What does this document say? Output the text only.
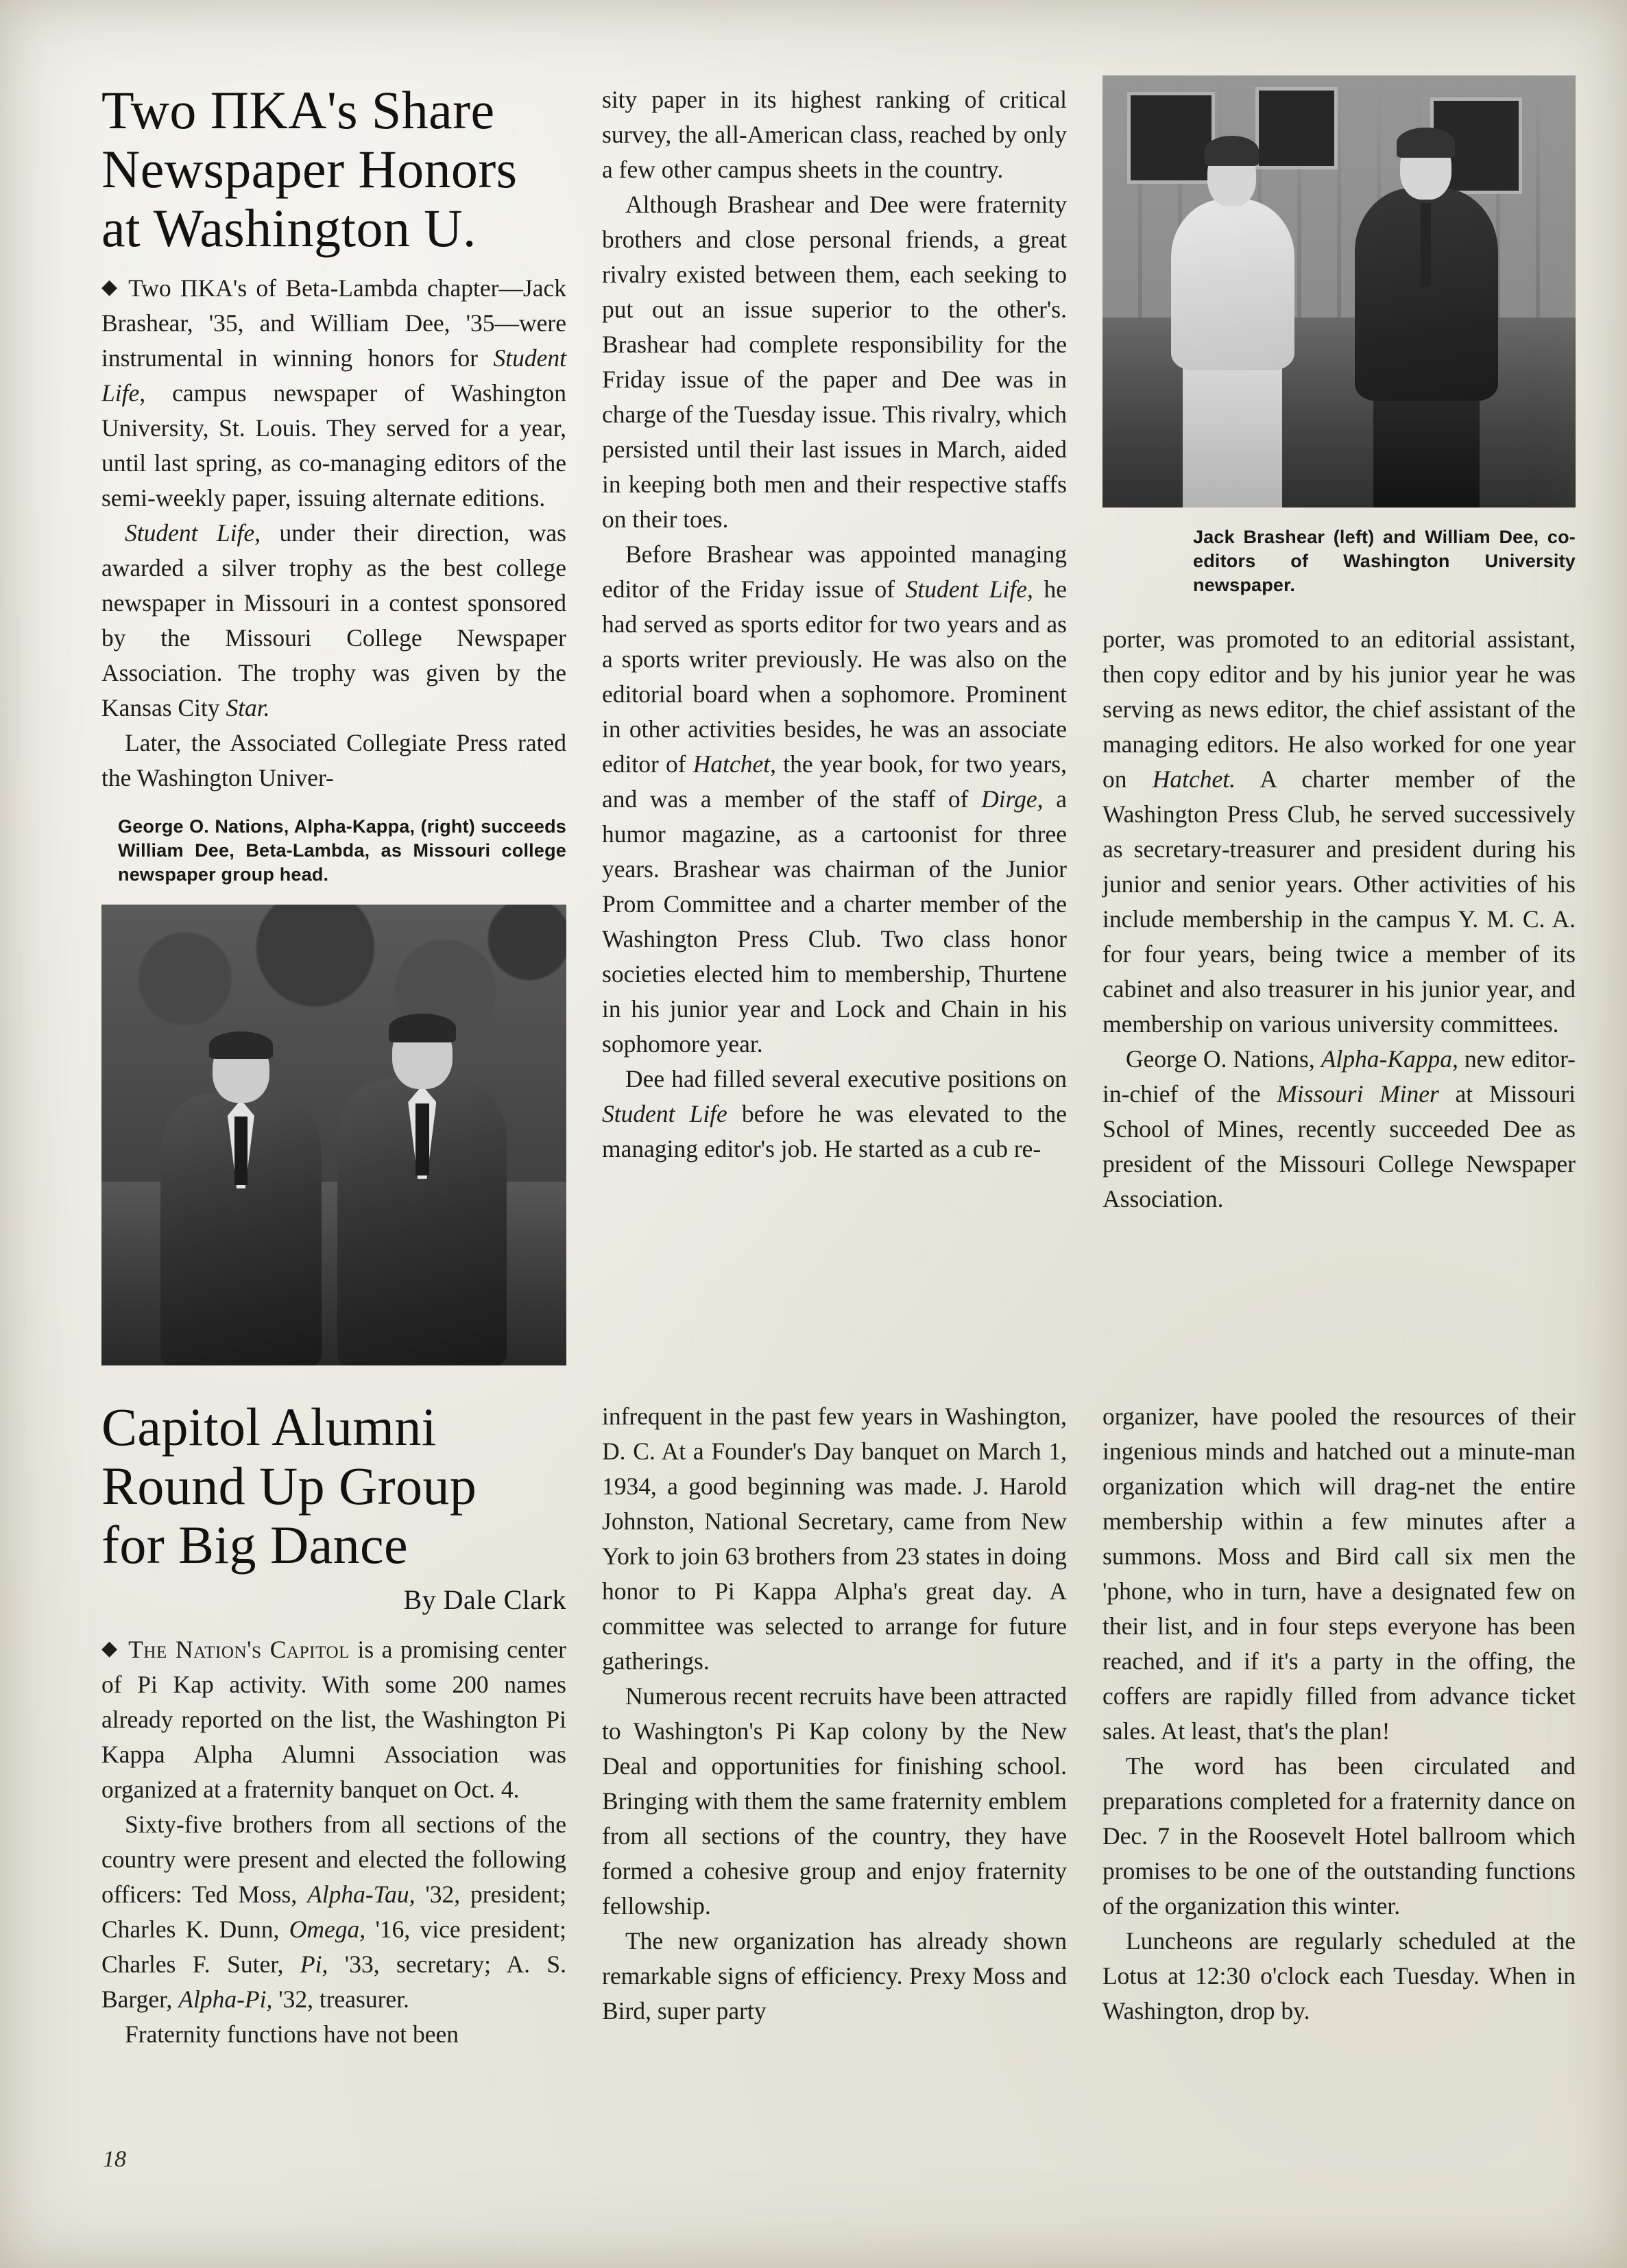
Two ΠKA's Share
Newspaper Honors
at Washington U.

◆ Two ΠKA's of Beta-Lambda chapter—Jack Brashear, '35, and William Dee, '35—were instrumental in winning honors for Student Life, campus newspaper of Washington University, St. Louis. They served for a year, until last spring, as co-managing editors of the semi-weekly paper, issuing alternate editions.

Student Life, under their direction, was awarded a silver trophy as the best college newspaper in Missouri in a contest sponsored by the Missouri College Newspaper Association. The trophy was given by the Kansas City Star.

Later, the Associated Collegiate Press rated the Washington Univer-

George O. Nations, Alpha-Kappa, (right) succeeds William Dee, Beta-Lambda, as Missouri college newspaper group head.

sity paper in its highest ranking of critical survey, the all-American class, reached by only a few other campus sheets in the country.

Although Brashear and Dee were fraternity brothers and close personal friends, a great rivalry existed between them, each seeking to put out an issue superior to the other's. Brashear had complete responsibility for the Friday issue of the paper and Dee was in charge of the Tuesday issue. This rivalry, which persisted until their last issues in March, aided in keeping both men and their respective staffs on their toes.

Before Brashear was appointed managing editor of the Friday issue of Student Life, he had served as sports editor for two years and as a sports writer previously. He was also on the editorial board when a sophomore. Prominent in other activities besides, he was an associate editor of Hatchet, the year book, for two years, and was a member of the staff of Dirge, a humor magazine, as a cartoonist for three years. Brashear was chairman of the Junior Prom Committee and a charter member of the Washington Press Club. Two class honor societies elected him to membership, Thurtene in his junior year and Lock and Chain in his sophomore year.

Dee had filled several executive positions on Student Life before he was elevated to the managing editor's job. He started as a cub re-

Jack Brashear (left) and William Dee, co-editors of Washington University newspaper.

porter, was promoted to an editorial assistant, then copy editor and by his junior year he was serving as news editor, the chief assistant of the managing editors. He also worked for one year on Hatchet. A charter member of the Washington Press Club, he served successively as secretary-treasurer and president during his junior and senior years. Other activities of his include membership in the campus Y. M. C. A. for four years, being twice a member of its cabinet and also treasurer in his junior year, and membership on various university committees.

George O. Nations, Alpha-Kappa, new editor-in-chief of the Missouri Miner at Missouri School of Mines, recently succeeded Dee as president of the Missouri College Newspaper Association.

Capitol Alumni
Round Up Group
for Big Dance
By Dale Clark

◆ The Nation's Capitol is a promising center of Pi Kap activity. With some 200 names already reported on the list, the Washington Pi Kappa Alpha Alumni Association was organized at a fraternity banquet on Oct. 4.

Sixty-five brothers from all sections of the country were present and elected the following officers: Ted Moss, Alpha-Tau, '32, president; Charles K. Dunn, Omega, '16, vice president; Charles F. Suter, Pi, '33, secretary; A. S. Barger, Alpha-Pi, '32, treasurer.

Fraternity functions have not been

infrequent in the past few years in Washington, D. C. At a Founder's Day banquet on March 1, 1934, a good beginning was made. J. Harold Johnston, National Secretary, came from New York to join 63 brothers from 23 states in doing honor to Pi Kappa Alpha's great day. A committee was selected to arrange for future gatherings.

Numerous recent recruits have been attracted to Washington's Pi Kap colony by the New Deal and opportunities for finishing school. Bringing with them the same fraternity emblem from all sections of the country, they have formed a cohesive group and enjoy fraternity fellowship.

The new organization has already shown remarkable signs of efficiency. Prexy Moss and Bird, super party

organizer, have pooled the resources of their ingenious minds and hatched out a minute-man organization which will drag-net the entire membership within a few minutes after a summons. Moss and Bird call six men the 'phone, who in turn, have a designated few on their list, and in four steps everyone has been reached, and if it's a party in the offing, the coffers are rapidly filled from advance ticket sales. At least, that's the plan!

The word has been circulated and preparations completed for a fraternity dance on Dec. 7 in the Roosevelt Hotel ballroom which promises to be one of the outstanding functions of the organization this winter.

Luncheons are regularly scheduled at the Lotus at 12:30 o'clock each Tuesday. When in Washington, drop by.

18
